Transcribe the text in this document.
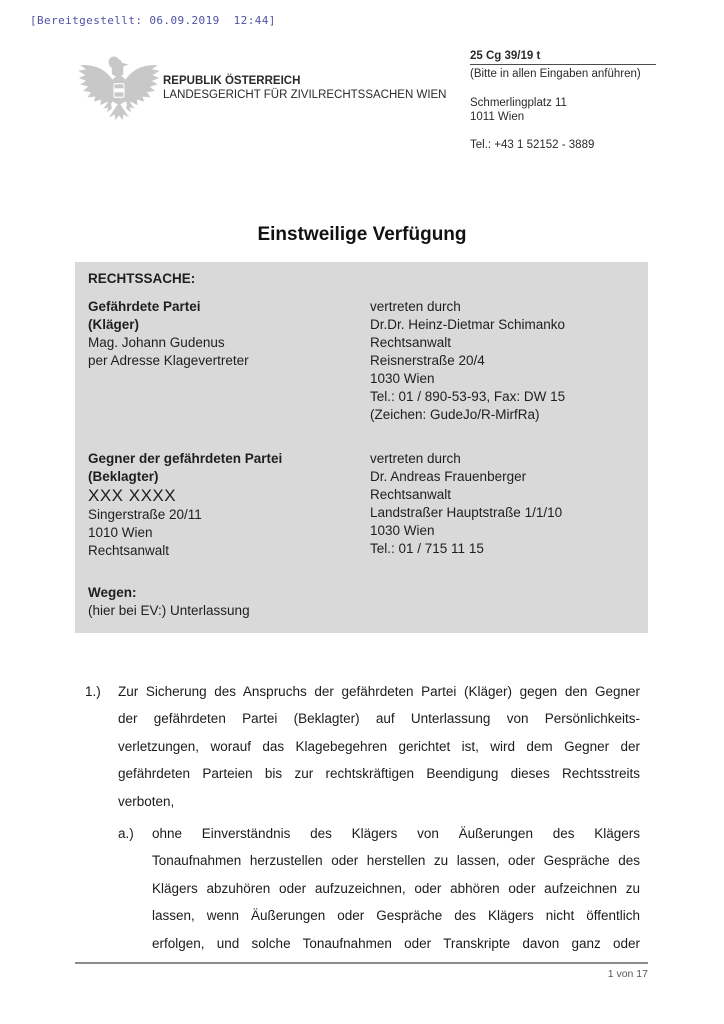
[Bereitgestellt: 06.09.2019  12:44]
REPUBLIK ÖSTERREICH
LANDESGERICHT FÜR ZIVILRECHTSSACHEN WIEN
25 Cg 39/19 t
(Bitte in allen Eingaben anführen)
Schmerlingplatz 11
1011 Wien
Tel.: +43 1 52152 - 3889
Einstweilige Verfügung
RECHTSSACHE:
Gefährdete Partei
(Kläger)
Mag. Johann Gudenus
per Adresse Klagevertreter
vertreten durch
Dr.Dr. Heinz-Dietmar Schimanko
Rechtsanwalt
Reisnerstraße 20/4
1030 Wien
Tel.: 01 / 890-53-93, Fax: DW 15
(Zeichen: GudeJo/R-MirfRa)
Gegner der gefährdeten Partei
(Beklagter)
XXX XXXX
Singerstraße 20/11
1010 Wien
Rechtsanwalt
vertreten durch
Dr. Andreas Frauenberger
Rechtsanwalt
Landstraßer Hauptstraße 1/1/10
1030 Wien
Tel.: 01 / 715 11 15
Wegen:
(hier bei EV:) Unterlassung
1.) Zur Sicherung des Anspruchs der gefährdeten Partei (Kläger) gegen den Gegner
der gefährdeten Partei (Beklagter) auf Unterlassung von Persönlichkeits-
verletzungen, worauf das Klagebegehren gerichtet ist, wird dem Gegner der
gefährdeten Parteien bis zur rechtskräftigen Beendigung dieses Rechtsstreits
verboten,
a.) ohne Einverständnis des Klägers von Äußerungen des Klägers
Tonaufnahmen herzustellen oder herstellen zu lassen, oder Gespräche des
Klägers abzuhören oder aufzuzeichnen, oder abhören oder aufzeichnen zu
lassen, wenn Äußerungen oder Gespräche des Klägers nicht öffentlich
erfolgen, und solche Tonaufnahmen oder Transkripte davon ganz oder
1 von 17
